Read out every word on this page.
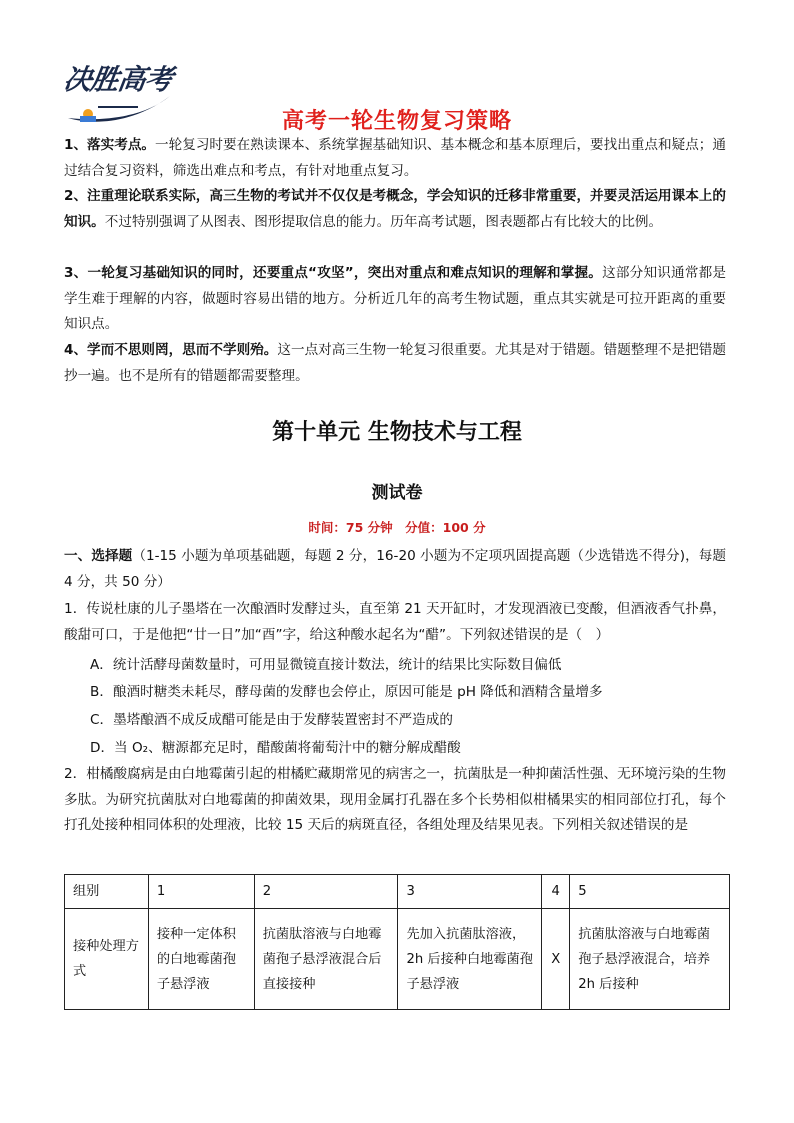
决胜高考
高考一轮生物复习策略
1、落实考点。一轮复习时要在熟读课本、系统掌握基础知识、基本概念和基本原理后，要找出重点和疑点；通过结合复习资料，筛选出难点和考点，有针对地重点复习。
2、注重理论联系实际，高三生物的考试并不仅仅是考概念，学会知识的迁移非常重要，并要灵活运用课本上的知识。不过特别强调了从图表、图形提取信息的能力。历年高考试题，图表题都占有比较大的比例。
3、一轮复习基础知识的同时，还要重点“攻坚”，突出对重点和难点知识的理解和掌握。这部分知识通常都是学生难于理解的内容，做题时容易出错的地方。分析近几年的高考生物试题，重点其实就是可拉开距离的重要知识点。
4、学而不思则罔，思而不学则殆。这一点对高三生物一轮复习很重要。尤其是对于错题。错题整理不是把错题抄一遍。也不是所有的错题都需要整理。
第十单元 生物技术与工程
测试卷
时间：75 分钟　分值：100 分
一、选择题（1-15 小题为单项基础题，每题 2 分，16-20 小题为不定项巩固提高题（少选错选不得分)，每题 4 分，共 50 分）
1．传说杜康的儿子墨塔在一次酿酒时发酵过头，直至第 21 天开缸时，才发现酒液已变酸，但酒液香气扑鼻，酸甜可口，于是他把“廿一日”加“酉”字，给这种酸水起名为“醋”。下列叙述错误的是（　）
A．统计活酵母菌数量时，可用显微镜直接计数法，统计的结果比实际数目偏低
B．酿酒时糖类未耗尽，酵母菌的发酵也会停止，原因可能是 pH 降低和酒精含量增多
C．墨塔酿酒不成反成醋可能是由于发酵装置密封不严造成的
D．当 O₂、糖源都充足时，醋酸菌将葡萄汁中的糖分解成醋酸
2．柑橘酸腐病是由白地霉菌引起的柑橘贮藏期常见的病害之一，抗菌肽是一种抑菌活性强、无环境污染的生物多肽。为研究抗菌肽对白地霉菌的抑菌效果，现用金属打孔器在多个长势相似柑橘果实的相同部位打孔，每个打孔处接种相同体积的处理液，比较 15 天后的病斑直径，各组处理及结果见表。下列相关叙述错误的是
组别	1	2	3	4	5
接种处理方式	接种一定体积的白地霉菌孢子悬浮液	抗菌肽溶液与白地霉菌孢子悬浮液混合后直接接种	先加入抗菌肽溶液，2h 后接种白地霉菌孢子悬浮液	X	抗菌肽溶液与白地霉菌孢子悬浮液混合，培养 2h 后接种
